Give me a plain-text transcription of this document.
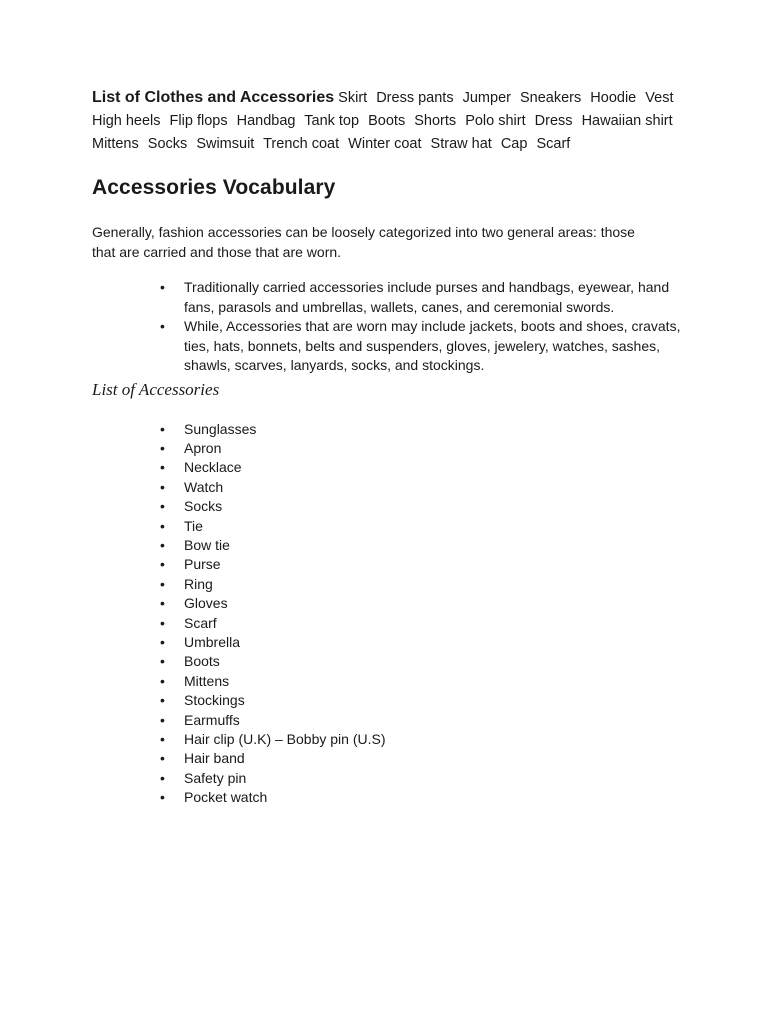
List of Clothes and Accessories Skirt Dress pants Jumper Sneakers Hoodie Vest High heels Flip flops Handbag Tank top Boots Shorts Polo shirt Dress Hawaiian shirt Mittens Socks Swimsuit Trench coat Winter coat Straw hat Cap Scarf

Accessories Vocabulary

Generally, fashion accessories can be loosely categorized into two general areas: those that are carried and those that are worn.

• Traditionally carried accessories include purses and handbags, eyewear, hand fans, parasols and umbrellas, wallets, canes, and ceremonial swords.
• While, Accessories that are worn may include jackets, boots and shoes, cravats, ties, hats, bonnets, belts and suspenders, gloves, jewelery, watches, sashes, shawls, scarves, lanyards, socks, and stockings.

List of Accessories

• Sunglasses
• Apron
• Necklace
• Watch
• Socks
• Tie
• Bow tie
• Purse
• Ring
• Gloves
• Scarf
• Umbrella
• Boots
• Mittens
• Stockings
• Earmuffs
• Hair clip (U.K) – Bobby pin (U.S)
• Hair band
• Safety pin
• Pocket watch
